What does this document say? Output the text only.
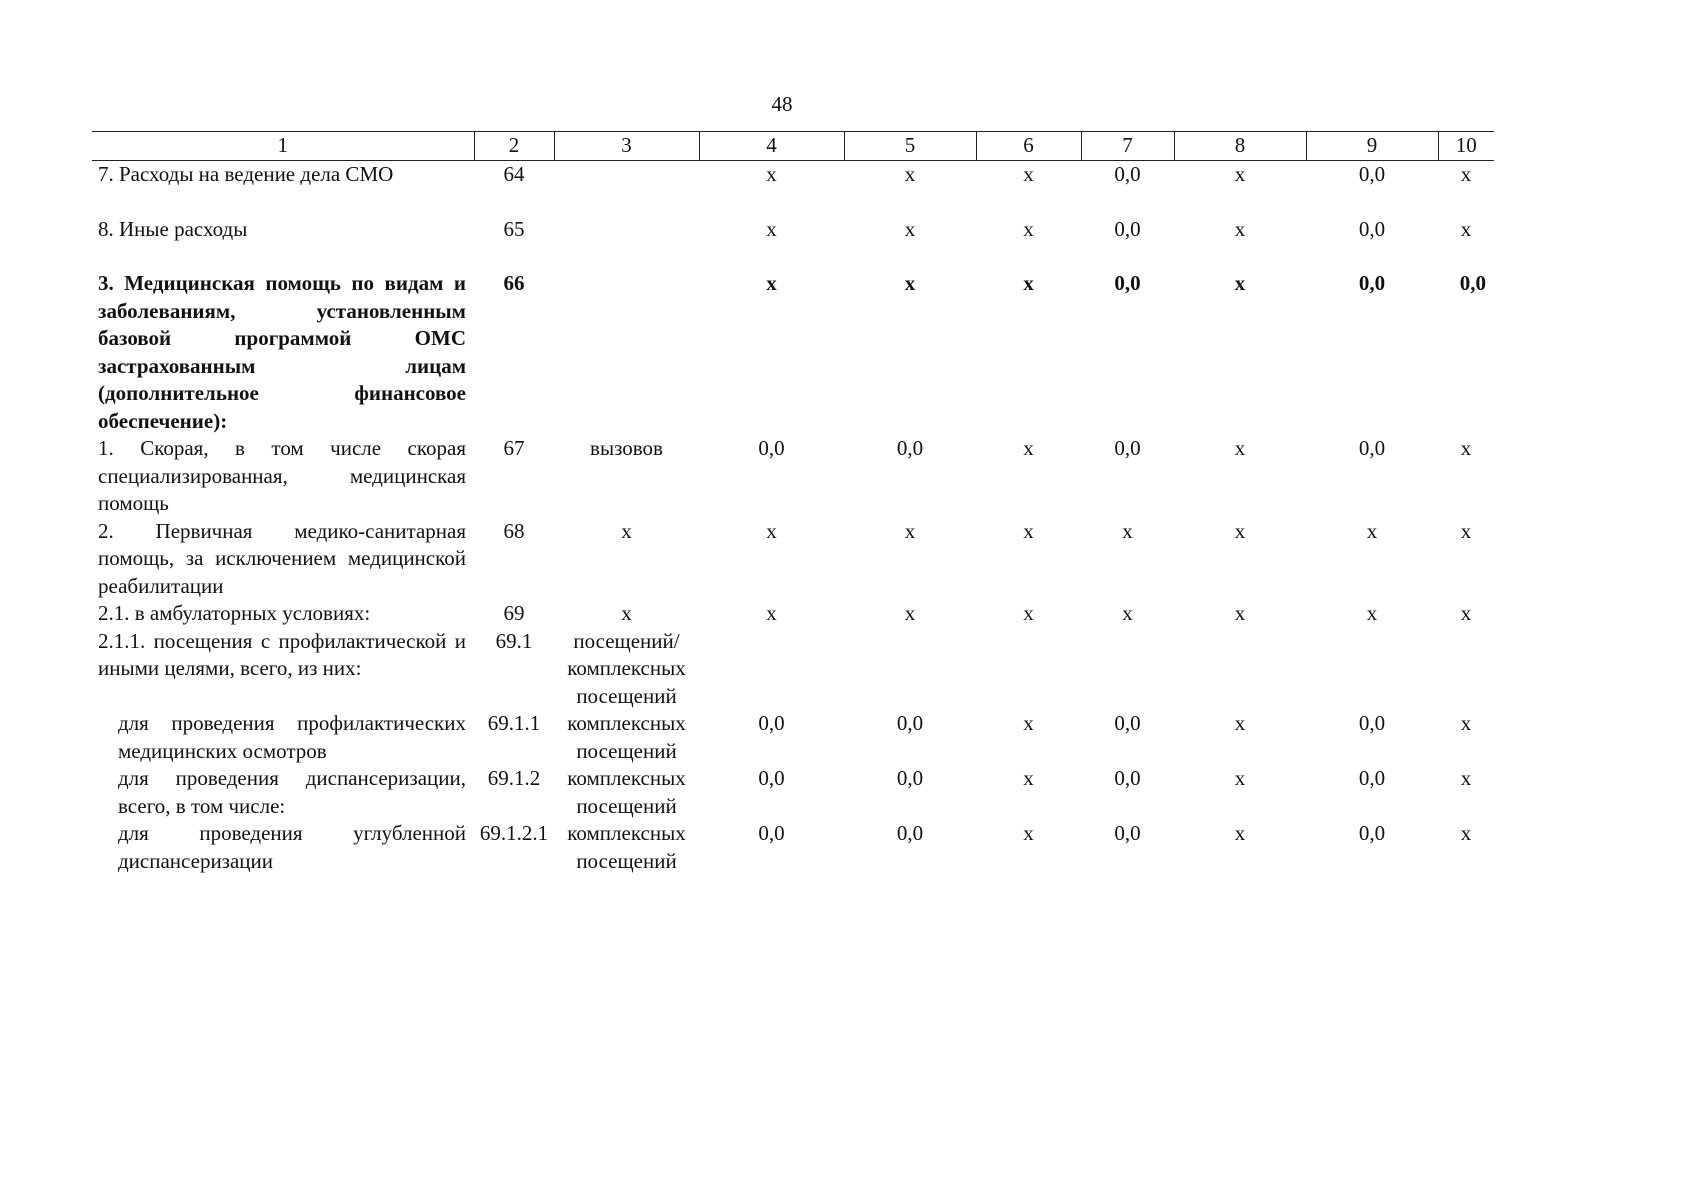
48
1	2	3	4	5	6	7	8	9	10
7. Расходы на ведение дела СМО	64		х	х	х	0,0	х	0,0	х

8. Иные расходы	65		х	х	х	0,0	х	0,0	х

3. Медицинская помощь по видам и заболеваниям, установленным базовой программой ОМС застрахованным лицам (дополнительное финансовое обеспечение):	66		х	х	х	0,0	х	0,0	0,0
1. Скорая, в том числе скорая специализированная, медицинская помощь	67	вызовов	0,0	0,0	х	0,0	х	0,0	х
2. Первичная медико-санитарная помощь, за исключением медицинской реабилитации	68	х	х	х	х	х	х	х	х
2.1. в амбулаторных условиях:	69	х	х	х	х	х	х	х	х
2.1.1. посещения с профилактической и иными целями, всего, из них:	69.1	посещений/ комплексных посещений							
для проведения профилактических медицинских осмотров	69.1.1	комплексных посещений	0,0	0,0	х	0,0	х	0,0	х
для проведения диспансеризации, всего, в том числе:	69.1.2	комплексных посещений	0,0	0,0	х	0,0	х	0,0	х
для проведения углубленной диспансеризации	69.1.2.1	комплексных посещений	0,0	0,0	х	0,0	х	0,0	х
